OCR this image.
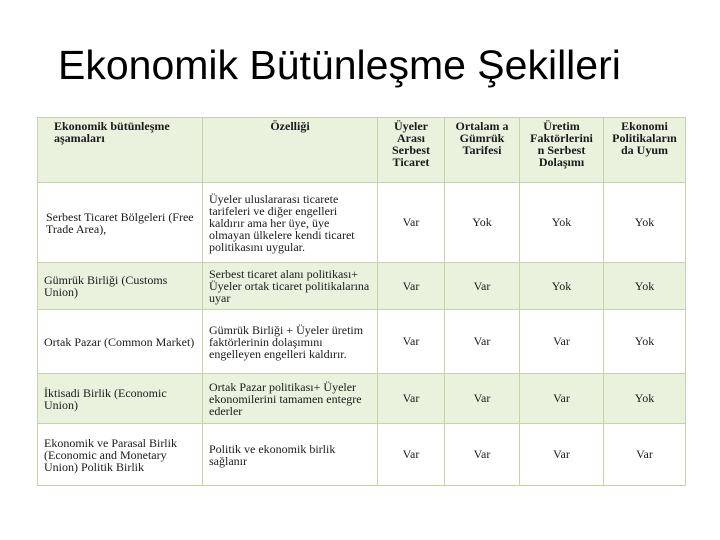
Ekonomik Bütünleşme Şekilleri
Ekonomik bütünleşme aşamaları	Özelliği	Üyeler Arası Serbest Ticaret	Ortalam a Gümrük Tarifesi	Üretim Faktörlerini n Serbest Dolaşımı	Ekonomi Politikaların da Uyum
Serbest Ticaret Bölgeleri (Free Trade Area),	Üyeler uluslararası ticarete tarifeleri ve diğer engelleri kaldırır ama her üye, üye olmayan ülkelere kendi ticaret politikasını uygular.	Var	Yok	Yok	Yok
Gümrük Birliği (Customs Union)	Serbest ticaret alanı politikası+ Üyeler ortak ticaret politikalarına uyar	Var	Var	Yok	Yok
Ortak Pazar (Common Market)	Gümrük Birliği + Üyeler üretim faktörlerinin dolaşımını engelleyen engelleri kaldırır.	Var	Var	Var	Yok
İktisadi Birlik (Economic Union)	Ortak Pazar politikası+ Üyeler ekonomilerini tamamen entegre ederler	Var	Var	Var	Yok
Ekonomik ve Parasal Birlik (Economic and Monetary Union) Politik Birlik	Politik ve ekonomik birlik sağlanır	Var	Var	Var	Var
